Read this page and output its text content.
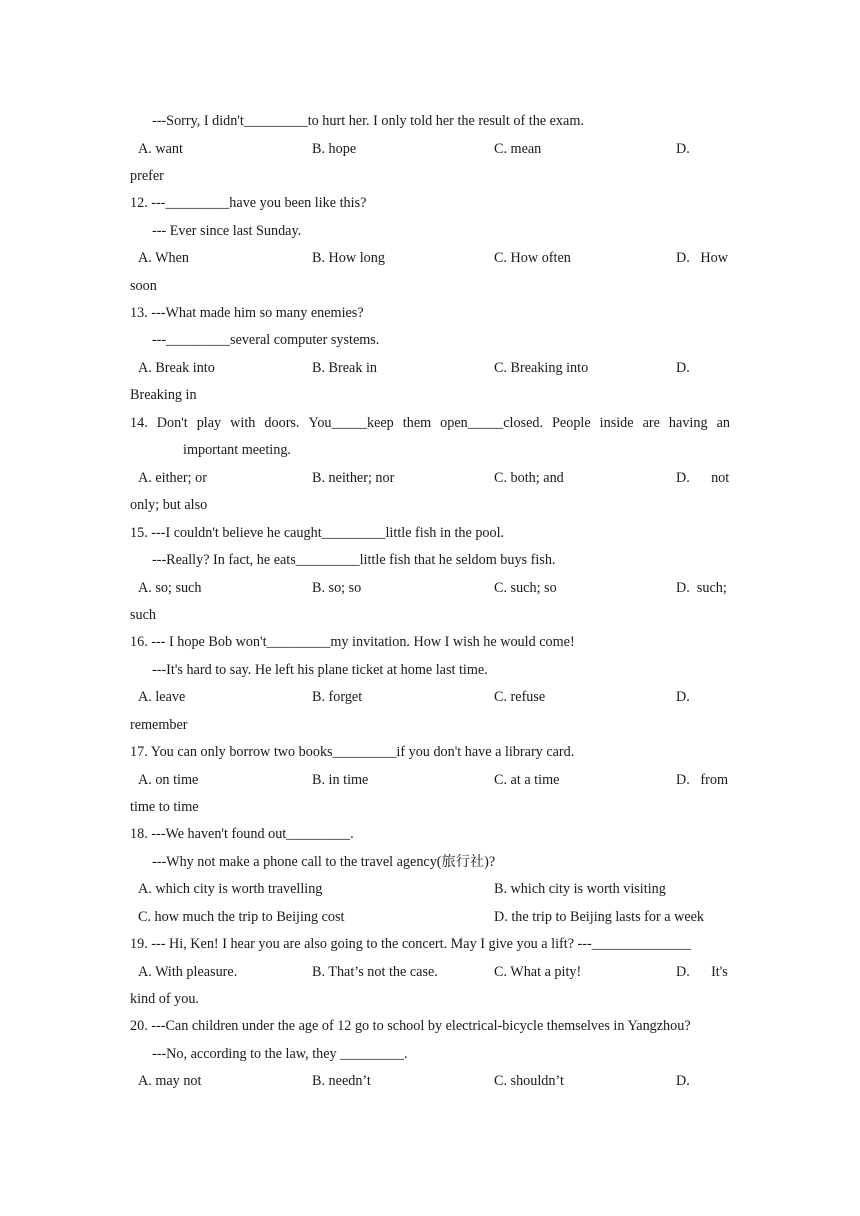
---Sorry, I didn't_________to hurt her. I only told her the result of the exam.
A. want	B. hope	C. mean	D.
prefer
12. ---_________have you been like this?
--- Ever since last Sunday.
A. When	B. How long	C. How often	D.   How
soon
13. ---What made him so many enemies?
---_________several computer systems.
A. Break into	B. Break in	C. Breaking into	D.
Breaking in
14. Don't play with doors. You_____keep them open_____closed. People inside are having an
important meeting.
A. either; or	B. neither; nor	C. both; and	D.      not
only; but also
15. ---I couldn't believe he caught_________little fish in the pool.
---Really? In fact, he eats_________little fish that he seldom buys fish.
A. so; such	B. so; so	C. such; so	D.  such;
such
16. --- I hope Bob won't_________my invitation. How I wish he would come!
---It's hard to say. He left his plane ticket at home last time.
A. leave	B. forget	C. refuse	D.
remember
17. You can only borrow two books_________if you don't have a library card.
A. on time	B. in time	C. at a time	D.   from
time to time
18. ---We haven't found out_________.
---Why not make a phone call to the travel agency(旅行社)?
A. which city is worth travelling	B. which city is worth visiting
C. how much the trip to Beijing cost	D. the trip to Beijing lasts for a week
19. --- Hi, Ken! I hear you are also going to the concert. May I give you a lift? ---______________
A. With pleasure.	B. That’s not the case.	C. What a pity!	D.      It's
kind of you.
20. ---Can children under the age of 12 go to school by electrical-bicycle themselves in Yangzhou?
---No, according to the law, they _________.
A. may not	B. needn’t	C. shouldn’t	D.
